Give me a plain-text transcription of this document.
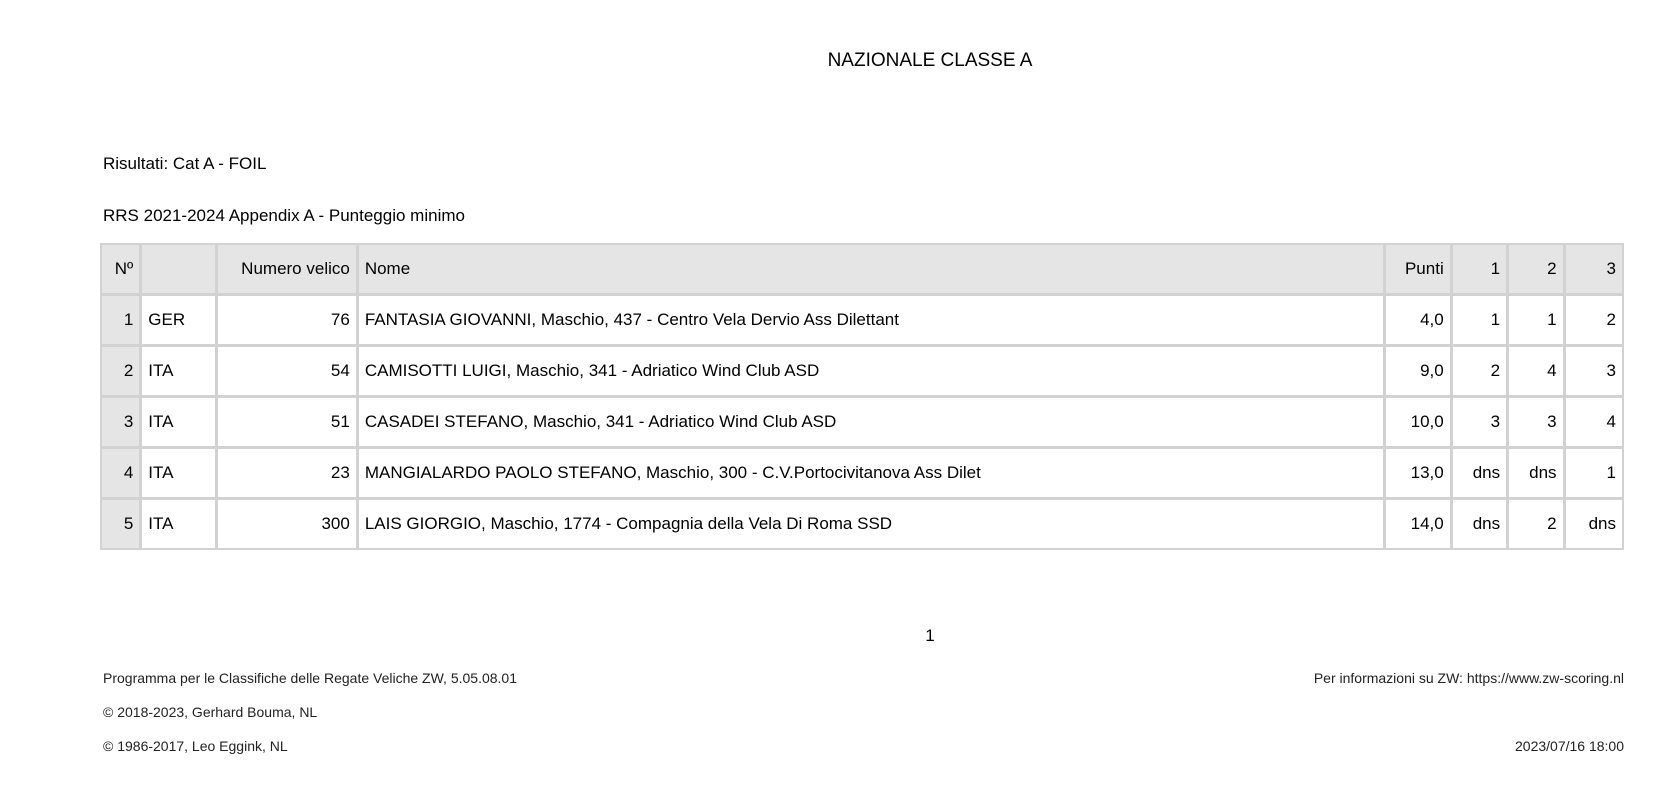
NAZIONALE CLASSE A
Risultati: Cat A - FOIL
RRS 2021-2024 Appendix A - Punteggio minimo
Nº		Numero velico	Nome	Punti	1	2	3
1	GER	76	FANTASIA GIOVANNI, Maschio, 437 - Centro Vela Dervio Ass Dilettant	4,0	1	1	2
2	ITA	54	CAMISOTTI LUIGI, Maschio, 341 - Adriatico Wind Club ASD	9,0	2	4	3
3	ITA	51	CASADEI STEFANO, Maschio, 341 - Adriatico Wind Club ASD	10,0	3	3	4
4	ITA	23	MANGIALARDO PAOLO STEFANO, Maschio, 300 - C.V.Portocivitanova Ass Dilet	13,0	dns	dns	1
5	ITA	300	LAIS GIORGIO, Maschio, 1774 - Compagnia della Vela Di Roma SSD	14,0	dns	2	dns
1
Programma per le Classifiche delle Regate Veliche ZW, 5.05.08.01
© 2018-2023, Gerhard Bouma, NL
© 1986-2017, Leo Eggink, NL
Per informazioni su ZW: https://www.zw-scoring.nl
2023/07/16 18:00
